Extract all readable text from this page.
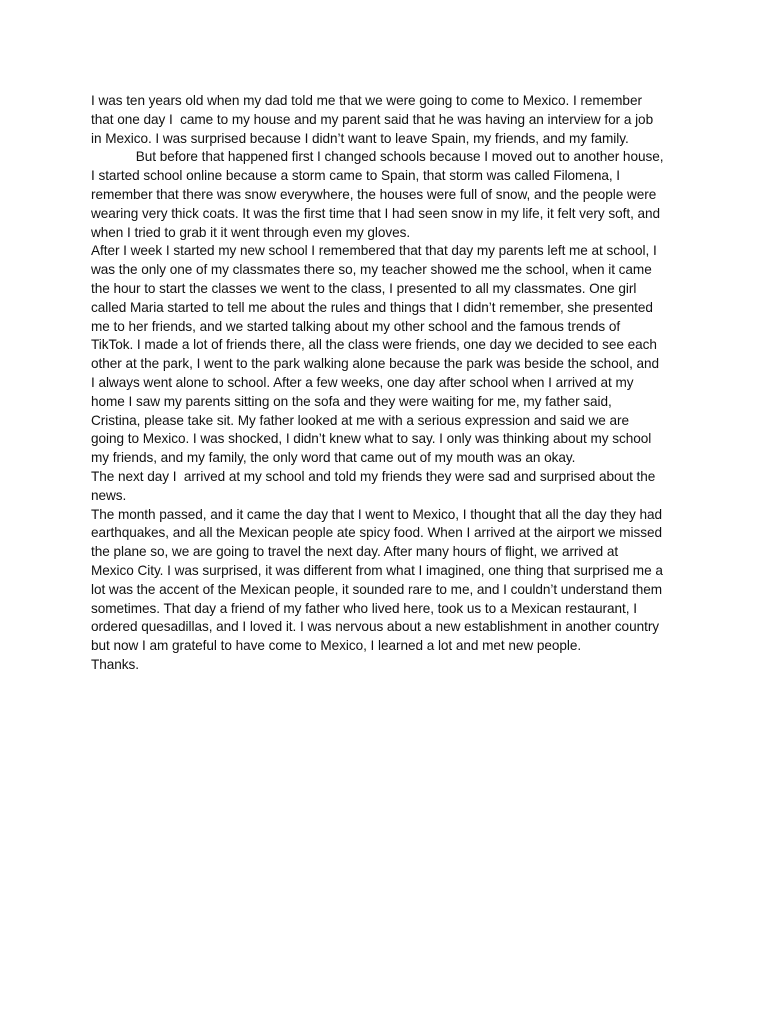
I was ten years old when my dad told me that we were going to come to Mexico. I remember
that one day I  came to my house and my parent said that he was having an interview for a job
in Mexico. I was surprised because I didn’t want to leave Spain, my friends, and my family.
But before that happened first I changed schools because I moved out to another house,
I started school online because a storm came to Spain, that storm was called Filomena, I
remember that there was snow everywhere, the houses were full of snow, and the people were
wearing very thick coats. It was the first time that I had seen snow in my life, it felt very soft, and
when I tried to grab it it went through even my gloves.
After I week I started my new school I remembered that that day my parents left me at school, I
was the only one of my classmates there so, my teacher showed me the school, when it came
the hour to start the classes we went to the class, I presented to all my classmates. One girl
called Maria started to tell me about the rules and things that I didn’t remember, she presented
me to her friends, and we started talking about my other school and the famous trends of
TikTok. I made a lot of friends there, all the class were friends, one day we decided to see each
other at the park, I went to the park walking alone because the park was beside the school, and
I always went alone to school. After a few weeks, one day after school when I arrived at my
home I saw my parents sitting on the sofa and they were waiting for me, my father said,
Cristina, please take sit. My father looked at me with a serious expression and said we are
going to Mexico. I was shocked, I didn’t knew what to say. I only was thinking about my school
my friends, and my family, the only word that came out of my mouth was an okay.
The next day I  arrived at my school and told my friends they were sad and surprised about the
news.
The month passed, and it came the day that I went to Mexico, I thought that all the day they had
earthquakes, and all the Mexican people ate spicy food. When I arrived at the airport we missed
the plane so, we are going to travel the next day. After many hours of flight, we arrived at
Mexico City. I was surprised, it was different from what I imagined, one thing that surprised me a
lot was the accent of the Mexican people, it sounded rare to me, and I couldn’t understand them
sometimes. That day a friend of my father who lived here, took us to a Mexican restaurant, I
ordered quesadillas, and I loved it. I was nervous about a new establishment in another country
but now I am grateful to have come to Mexico, I learned a lot and met new people.
Thanks.
